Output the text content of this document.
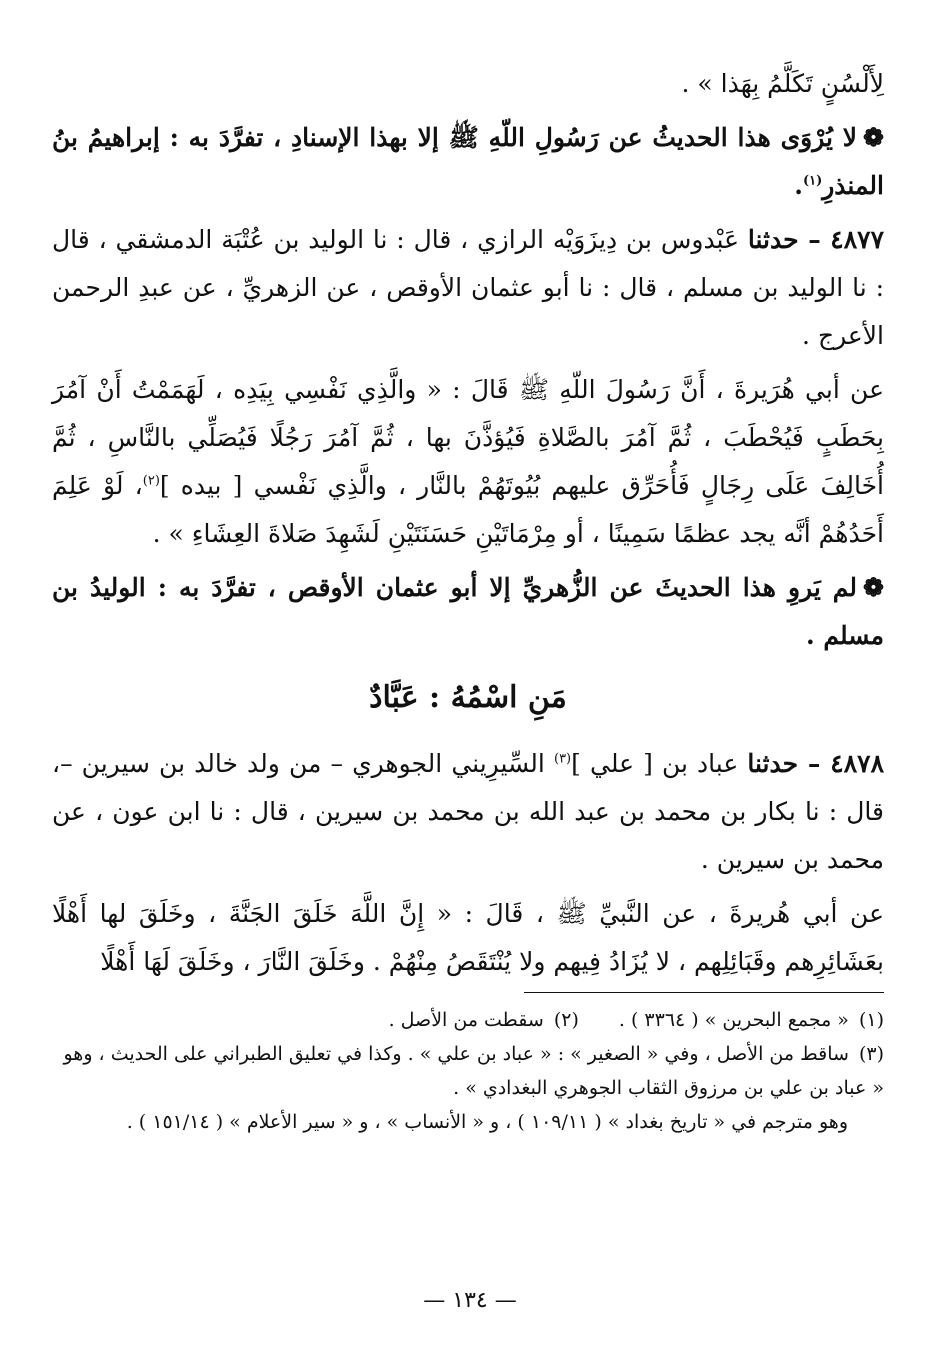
لِأَلْسُنٍ تَكَلَّمُ بِهَذا » .

❁لا يُرْوَى هذا الحديثُ عن رَسُولِ اللّهِ ﷺ إلا بهذا الإسنادِ ، تفرَّدَ به : إبراهيمُ بنُ المنذرِ$^{(١)}$.

٤٨٧٧ – حدثنا عَبْدوس بن دِيزَوَيْه الرازي ، قال : نا الوليد بن عُتْبَة الدمشقي ، قال : نا الوليد بن مسلم ، قال : نا أبو عثمان الأوقص ، عن الزهريِّ ، عن عبدِ الرحمن الأعرج .

عن أبي هُرَيرةَ ، أَنَّ رَسُولَ اللّهِ ﷺ قَالَ : « والَّذِي نَفْسِي بِيَدِه ، لَهَمَمْتُ أَنْ آمُرَ بِحَطَبٍ فَيُحْطَبَ ، ثُمَّ آمُرَ بالصَّلاةِ فَيُؤذَّنَ بها ، ثُمَّ آمُرَ رَجُلًا فَيُصَلِّي بالنَّاسِ ، ثُمَّ أُخَالِفَ عَلَى رِجَالٍ فَأُحَرِّق عليهم بُيُوتَهُمْ بالنَّار ، والَّذِي نَفْسي [ بيده ]$^{(٢)}$، لَوْ عَلِمَ أَحَدُهُمْ أنَّه يجد عظمًا سَمِينًا ، أو مِرْمَاتَيْنِ حَسَنَتَيْنِ لَشَهِدَ صَلاةَ العِشَاءِ » .

❁لم يَروِ هذا الحديثَ عن الزُّهريِّ إلا أبو عثمان الأوقص ، تفرَّدَ به : الوليدُ بن مسلم .

مَنِ اسْمُهُ : عَبَّادٌ

٤٨٧٨ – حدثنا عباد بن [ علي ]$^{(٣)}$ السِّيرِيني الجوهري – من ولد خالد بن سيرين –، قال : نا بكار بن محمد بن عبد الله بن محمد بن سيرين ، قال : نا ابن عون ، عن محمد بن سيرين .

عن أبي هُريرةَ ، عن النَّبيِّ ﷺ ، قَالَ : « إِنَّ اللَّهَ خَلَقَ الجَنَّةَ ، وخَلَقَ لها أَهْلًا بعَشَائِرِهم وقَبَائِلِهم ، لا يُزَادُ فِيهم ولا يُنْتَقَصُ مِنْهُمْ . وخَلَقَ النَّارَ ، وخَلَقَ لَهَا أَهْلًا

(١)« مجمع البحرين » ( ٣٣٦٤ ) .

(٢)سقطت من الأصل .

(٣)ساقط من الأصل ، وفي « الصغير » : « عباد بن علي » . وكذا في تعليق الطبراني على الحديث ، وهو « عباد بن علي بن مرزوق الثقاب الجوهري البغدادي » .

وهو مترجم في « تاريخ بغداد » ( ١٠٩/١١ ) ، و « الأنساب » ، و « سير الأعلام » ( ١٥١/١٤ ) .

— ١٣٤ —
